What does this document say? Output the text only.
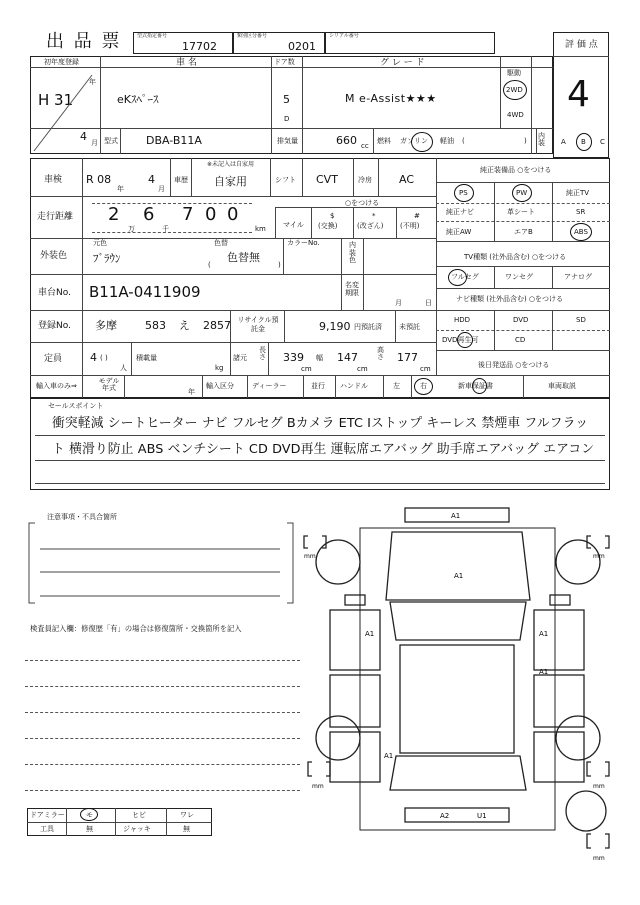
出 品 票	型式指定番号
17702
類別区分番号
0201
シリアル番号
評 価 点
4
初年度登録
年
H 31
4 月
車 名
eKｽﾍﾟｰｽ
ドア数
5
D
グ レ ー ド
M e-Assist★★★
駆動
2WD
4WD
型式	DBA-B11A	排気量	660 cc
燃料 ガソリン 軽油 (	)
内装 A B C
車検 R 08
年
4
月
車歴
※未記入は自家用
自家用	シフト CVT	冷房 AC
走行距離 2
万
6
千
7 0 0
km マイル
○をつける
$
(交換)
*
(改ざん)
#
(不明)
外装色
元色
ﾌﾞﾗｳﾝ
色替
色替無
(	)
カラーNo.	内装色
車台No. B11A-0411909	名変期限
月	日
登録No. 多摩	583 え 2857 リサイクル預託金	9,190 円預託済 未預託
定員	4 ( )
人
積載量
kg
諸元
長さ 339
cm
幅 147
cm
高さ 177
cm
輸入車のみ⇒
モデル年式	年
輸入区分	ディーラー	並行 ハンドル	左	右
純正装備品 ○をつける
PS	PW	純正TV
純正ナビ	革シート	SR
純正AW	エアB	ABS
TV種類 (社外品含む) ○をつける
フルセグ	ワンセグ	アナログ
ナビ種類 (社外品含む) ○をつける
HDD	DVD	SD
DVD再生可	CD
後日発送品 ○をつける
新車保証書	車両取説
セールスポイント
衝突軽減 シートヒーター ナビ フルセグ Bカメラ ETC Iストップ キーレス 禁煙車 フルフラッ
ト 横滑り防止 ABS ベンチシート CD DVD再生 運転席エアバッグ 助手席エアバッグ エアコン
注意事項・不具合箇所
検査員記入欄：修復歴「有」の場合は修復箇所・交換箇所を記入
ドアミラー	モ	ヒビ	ワレ
工具	無	ジャッキ	無
A1
A1
A1	A1
A1
A1
A2	U1
mm	mm
mm	mm
mm
